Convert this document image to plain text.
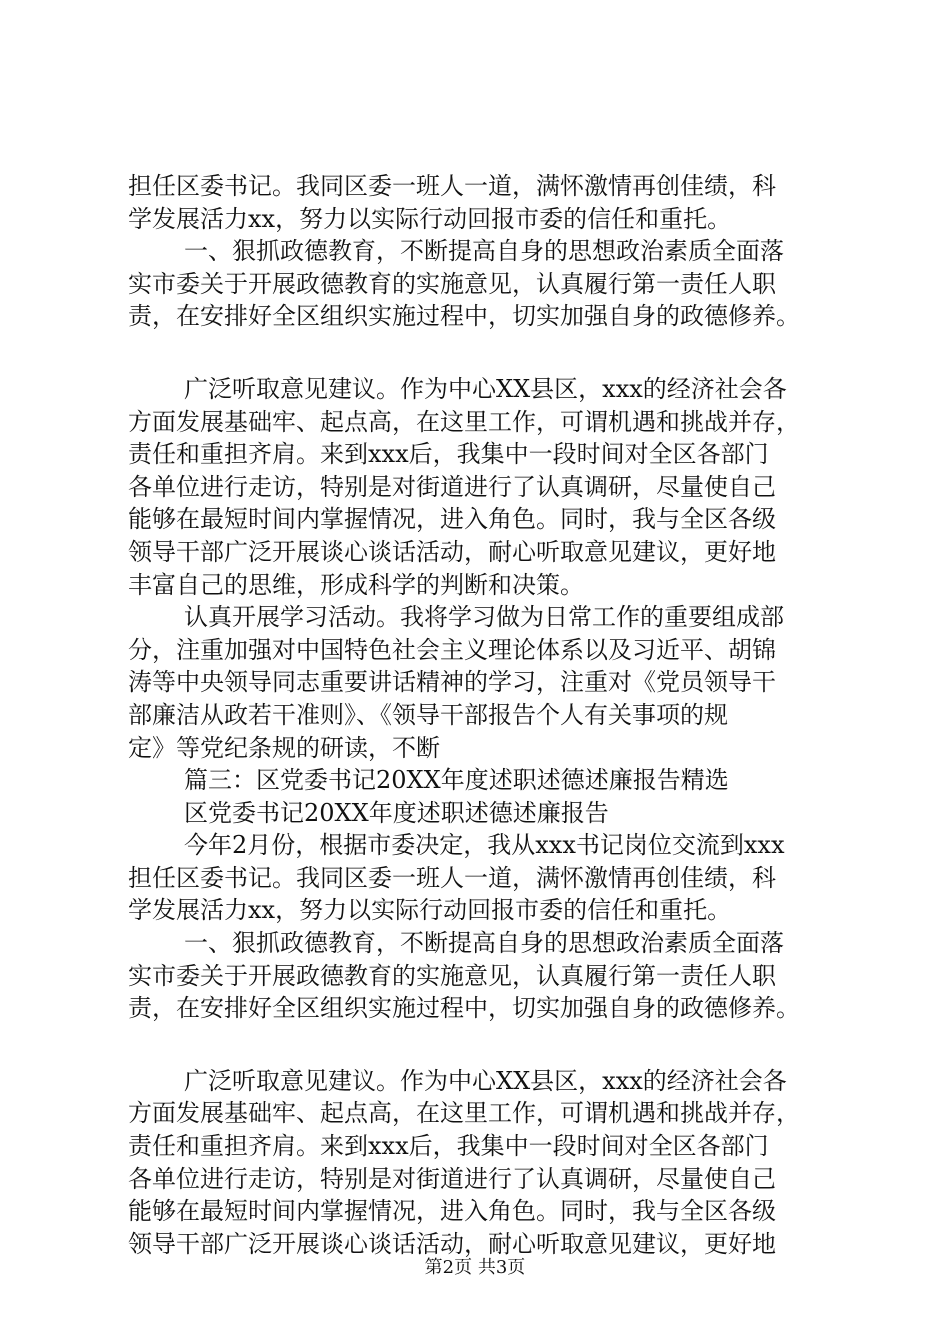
担任区委书记。我同区委一班人一道，满怀激情再创佳绩，科
学发展活力xx，努力以实际行动回报市委的信任和重托。
一、狠抓政德教育，不断提高自身的思想政治素质全面落
实市委关于开展政德教育的实施意见，认真履行第一责任人职
责，在安排好全区组织实施过程中，切实加强自身的政德修养。
广泛听取意见建议。作为中心XX县区，xxx的经济社会各
方面发展基础牢、起点高，在这里工作，可谓机遇和挑战并存，
责任和重担齐肩。来到xxx后，我集中一段时间对全区各部门
各单位进行走访，特别是对街道进行了认真调研，尽量使自己
能够在最短时间内掌握情况，进入角色。同时，我与全区各级
领导干部广泛开展谈心谈话活动，耐心听取意见建议，更好地
丰富自己的思维，形成科学的判断和决策。
认真开展学习活动。我将学习做为日常工作的重要组成部
分，注重加强对中国特色社会主义理论体系以及习近平、胡锦
涛等中央领导同志重要讲话精神的学习，注重对《党员领导干
部廉洁从政若干准则》、《领导干部报告个人有关事项的规
定》等党纪条规的研读，不断
篇三：区党委书记20XX年度述职述德述廉报告精选
区党委书记20XX年度述职述德述廉报告
今年2月份，根据市委决定，我从xxx书记岗位交流到xxx
担任区委书记。我同区委一班人一道，满怀激情再创佳绩，科
学发展活力xx，努力以实际行动回报市委的信任和重托。
一、狠抓政德教育，不断提高自身的思想政治素质全面落
实市委关于开展政德教育的实施意见，认真履行第一责任人职
责，在安排好全区组织实施过程中，切实加强自身的政德修养。
广泛听取意见建议。作为中心XX县区，xxx的经济社会各
方面发展基础牢、起点高，在这里工作，可谓机遇和挑战并存，
责任和重担齐肩。来到xxx后，我集中一段时间对全区各部门
各单位进行走访，特别是对街道进行了认真调研，尽量使自己
能够在最短时间内掌握情况，进入角色。同时，我与全区各级
领导干部广泛开展谈心谈话活动，耐心听取意见建议，更好地
第2页 共3页
